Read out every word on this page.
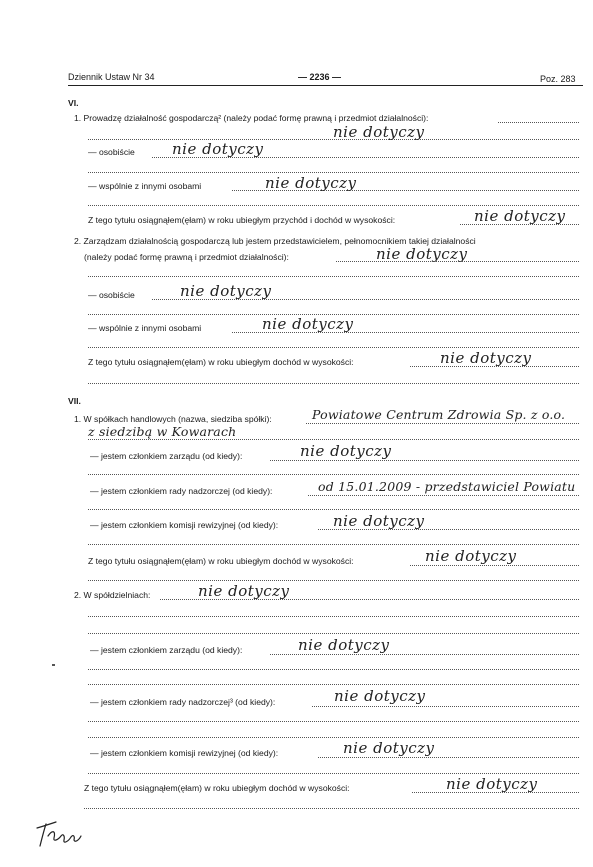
Dziennik Ustaw Nr 34	— 2236 —	Poz. 283
VI.
1. Prowadzę działalność gospodarczą² (należy podać formę prawną i przedmiot działalności):
nie dotyczy
— osobiście nie dotyczy
— wspólnie z innymi osobami	nie dotyczy
Z tego tytułu osiągnąłem(ęłam) w roku ubiegłym przychód i dochód w wysokości:	nie dotyczy
2. Zarządzam działalnością gospodarczą lub jestem przedstawicielem, pełnomocnikiem takiej działalności
(należy podać formę prawną i przedmiot działalności):	nie dotyczy
— osobiście	nie dotyczy
— wspólnie z innymi osobami	nie dotyczy
Z tego tytułu osiągnąłem(ęłam) w roku ubiegłym dochód w wysokości:	nie dotyczy
VII.
1. W spółkach handlowych (nazwa, siedziba spółki):	Powiatowe Centrum Zdrowia Sp. z o.o.
z siedzibą w Kowarach
— jestem członkiem zarządu (od kiedy):	nie dotyczy
— jestem członkiem rady nadzorczej (od kiedy):	od 15.01.2009 - przedstawiciel Powiatu
— jestem członkiem komisji rewizyjnej (od kiedy):	nie dotyczy
Z tego tytułu osiągnąłem(ęłam) w roku ubiegłym dochód w wysokości:	nie dotyczy
2. W spółdzielniach:	nie dotyczy
— jestem członkiem zarządu (od kiedy):	nie dotyczy
— jestem członkiem rady nadzorczej³ (od kiedy):	nie dotyczy
— jestem członkiem komisji rewizyjnej (od kiedy):	nie dotyczy
Z tego tytułu osiągnąłem(ęłam) w roku ubiegłym dochód w wysokości:	nie dotyczy
